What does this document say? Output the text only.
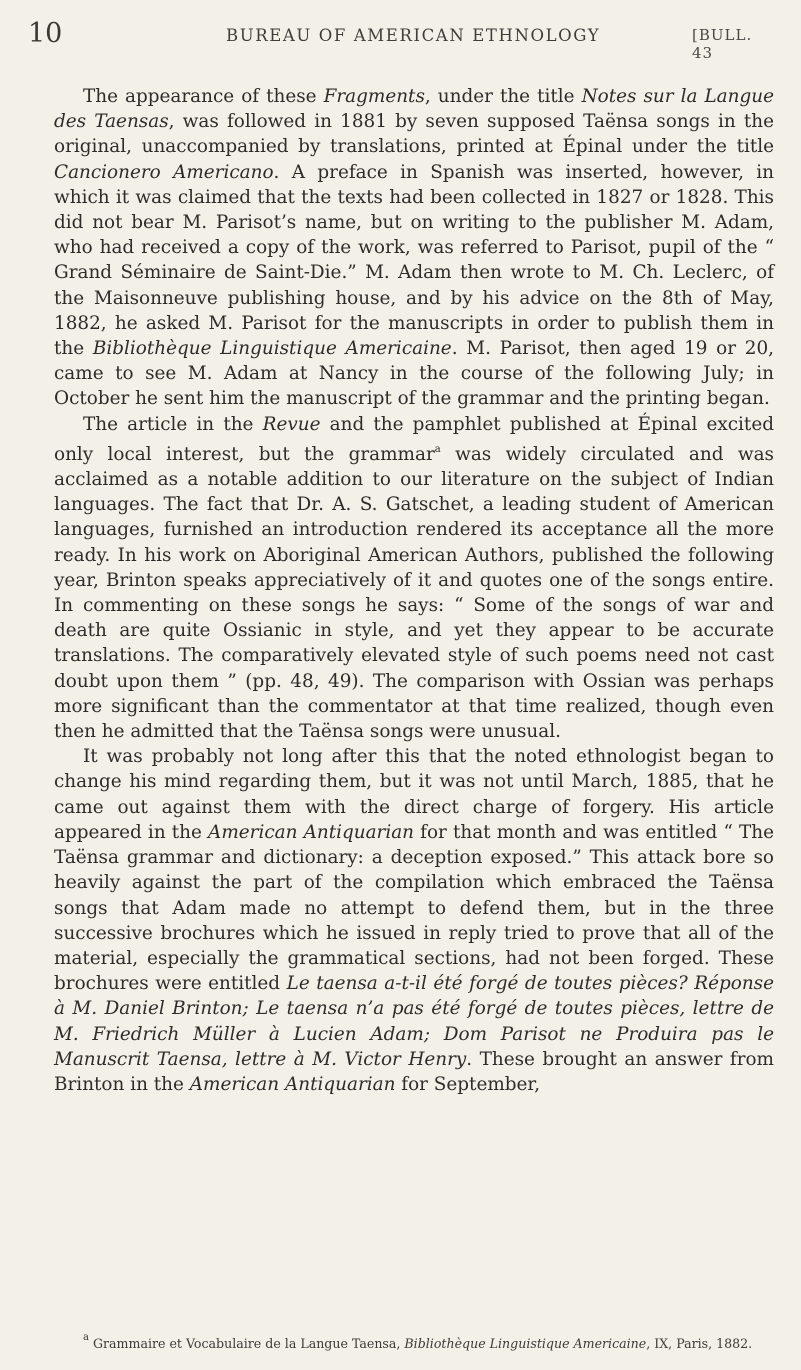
10	BUREAU OF AMERICAN ETHNOLOGY	[BULL. 43

The appearance of these Fragments, under the title Notes sur la Langue des Taensas, was followed in 1881 by seven supposed Taënsa songs in the original, unaccompanied by translations, printed at Épinal under the title Cancionero Americano. A preface in Spanish was inserted, however, in which it was claimed that the texts had been collected in 1827 or 1828. This did not bear M. Parisot’s name, but on writing to the publisher M. Adam, who had received a copy of the work, was referred to Parisot, pupil of the “ Grand Séminaire de Saint-Die.” M. Adam then wrote to M. Ch. Leclerc, of the Maisonneuve publishing house, and by his advice on the 8th of May, 1882, he asked M. Parisot for the manuscripts in order to publish them in the Bibliothèque Linguistique Americaine. M. Parisot, then aged 19 or 20, came to see M. Adam at Nancy in the course of the following July; in October he sent him the manuscript of the grammar and the printing began.

The article in the Revue and the pamphlet published at Épinal excited only local interest, but the grammar$^a$ was widely circulated and was acclaimed as a notable addition to our literature on the subject of Indian languages. The fact that Dr. A. S. Gatschet, a leading student of American languages, furnished an introduction rendered its acceptance all the more ready. In his work on Aboriginal American Authors, published the following year, Brinton speaks appreciatively of it and quotes one of the songs entire. In commenting on these songs he says: “ Some of the songs of war and death are quite Ossianic in style, and yet they appear to be accurate translations. The comparatively elevated style of such poems need not cast doubt upon them ” (pp. 48, 49). The comparison with Ossian was perhaps more significant than the commentator at that time realized, though even then he admitted that the Taënsa songs were unusual.

It was probably not long after this that the noted ethnologist began to change his mind regarding them, but it was not until March, 1885, that he came out against them with the direct charge of forgery. His article appeared in the American Antiquarian for that month and was entitled “ The Taënsa grammar and dictionary: a deception exposed.” This attack bore so heavily against the part of the compilation which embraced the Taënsa songs that Adam made no attempt to defend them, but in the three successive brochures which he issued in reply tried to prove that all of the material, especially the grammatical sections, had not been forged. These brochures were entitled Le taensa a-t-il été forgé de toutes pièces? Réponse à M. Daniel Brinton; Le taensa n’a pas été forgé de toutes pièces, lettre de M. Friedrich Müller à Lucien Adam; Dom Parisot ne Produira pas le Manuscrit Taensa, lettre à M. Victor Henry. These brought an answer from Brinton in the American Antiquarian for September,

$^a$ Grammaire et Vocabulaire de la Langue Taensa, Bibliothèque Linguistique Americaine, IX, Paris, 1882.
